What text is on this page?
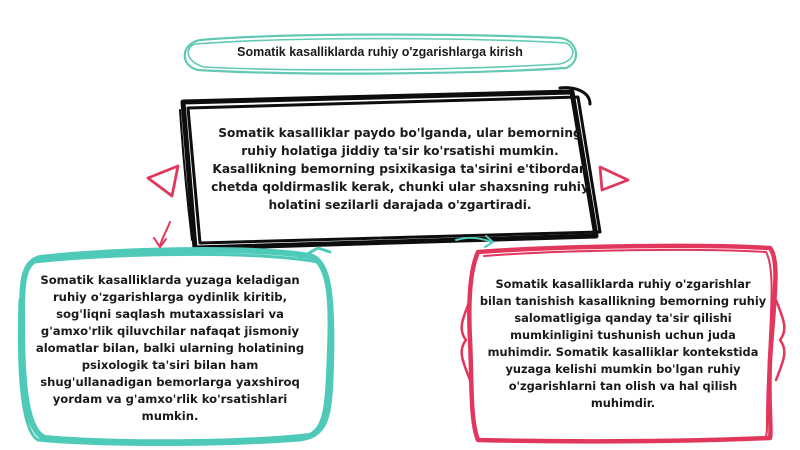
Somatik kasalliklarda ruhiy o'zgarishlarga kirish
Somatik kasalliklar paydo bo'lganda, ular bemorning ruhiy holatiga jiddiy ta'sir ko'rsatishi mumkin. Kasallikning bemorning psixikasiga ta'sirini e'tibordan chetda qoldirmaslik kerak, chunki ular shaxsning ruhiy holatini sezilarli darajada o'zgartiradi.
Somatik kasalliklarda yuzaga keladigan ruhiy o'zgarishlarga oydinlik kiritib, sog'liqni saqlash mutaxassislari va g'amxo'rlik qiluvchilar nafaqat jismoniy alomatlar bilan, balki ularning holatining psixologik ta'siri bilan ham shug'ullanadigan bemorlarga yaxshiroq yordam va g'amxo'rlik ko'rsatishlari mumkin.
Somatik kasalliklarda ruhiy o'zgarishlar bilan tanishish kasallikning bemorning ruhiy salomatligiga qanday ta'sir qilishi mumkinligini tushunish uchun juda muhimdir. Somatik kasalliklar kontekstida yuzaga kelishi mumkin bo'lgan ruhiy o'zgarishlarni tan olish va hal qilish muhimdir.
